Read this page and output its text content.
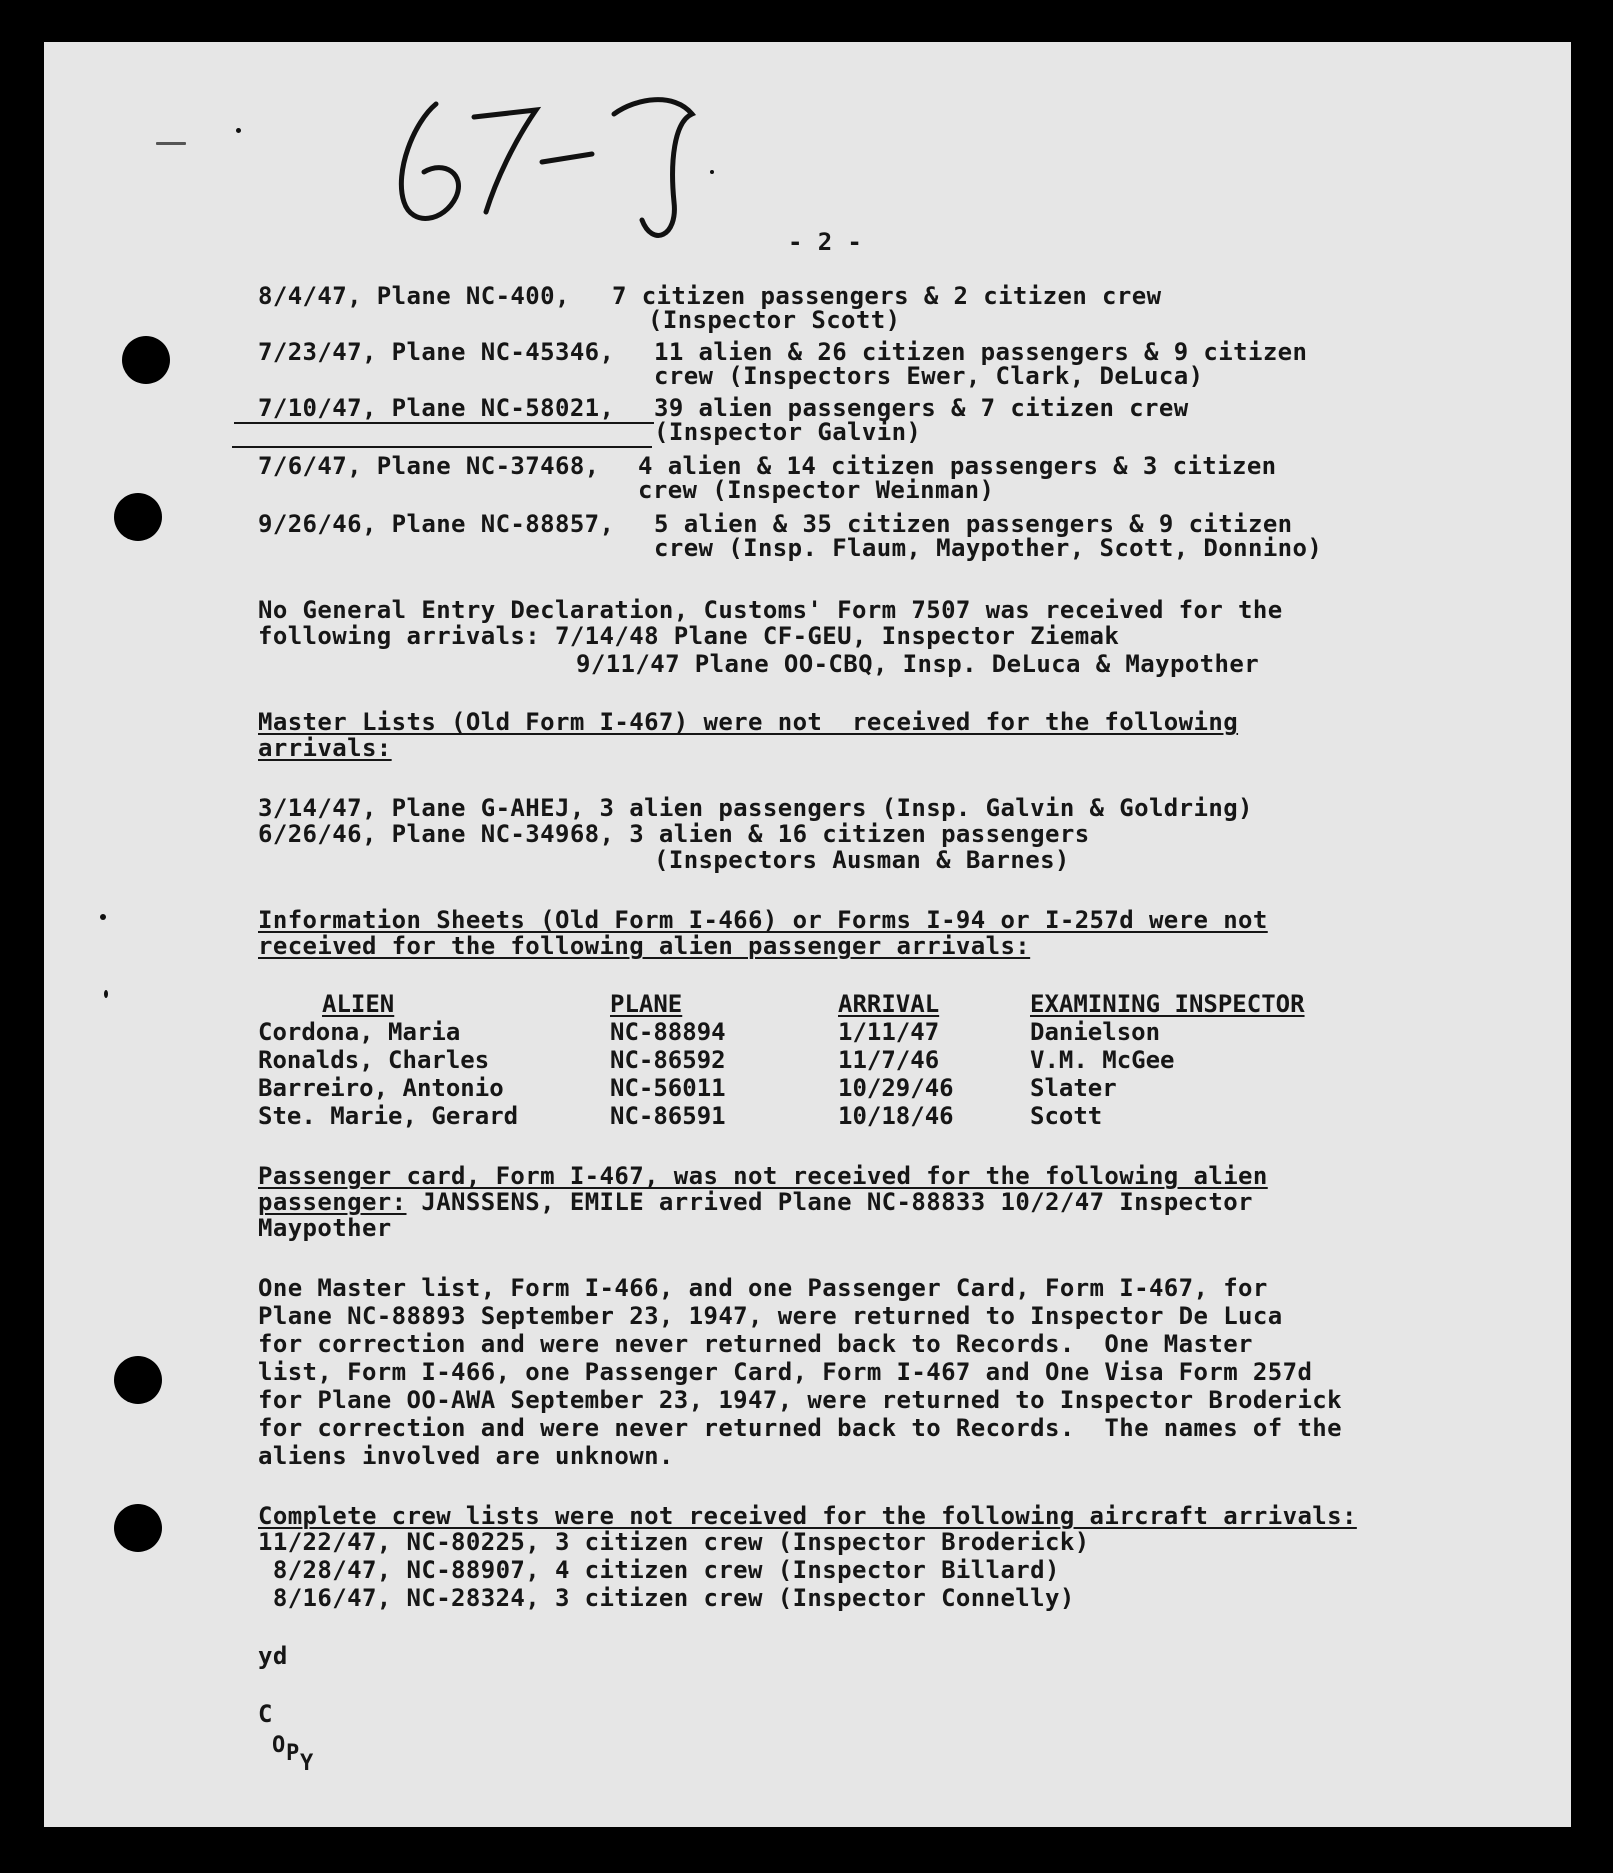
- 2 -
8/4/47, Plane NC-400, 7 citizen passengers & 2 citizen crew
(Inspector Scott)
7/23/47, Plane NC-45346, 11 alien & 26 citizen passengers & 9 citizen
crew (Inspectors Ewer, Clark, DeLuca)
7/10/47, Plane NC-58021, 39 alien passengers & 7 citizen crew
(Inspector Galvin)
7/6/47, Plane NC-37468, 4 alien & 14 citizen passengers & 3 citizen
crew (Inspector Weinman)
9/26/46, Plane NC-88857, 5 alien & 35 citizen passengers & 9 citizen
crew (Insp. Flaum, Maypother, Scott, Donnino)
No General Entry Declaration, Customs' Form 7507 was received for the
following arrivals: 7/14/48 Plane CF-GEU, Inspector Ziemak
9/11/47 Plane OO-CBQ, Insp. DeLuca & Maypother
Master Lists (Old Form I-467) were not  received for the following
arrivals:
3/14/47, Plane G-AHEJ, 3 alien passengers (Insp. Galvin & Goldring)
6/26/46, Plane NC-34968, 3 alien & 16 citizen passengers
(Inspectors Ausman & Barnes)
Information Sheets (Old Form I-466) or Forms I-94 or I-257d were not
received for the following alien passenger arrivals:
ALIEN	PLANE	ARRIVAL	EXAMINING INSPECTOR
Cordona, Maria	NC-88894	1/11/47	Danielson
Ronalds, Charles	NC-86592	11/7/46	V.M. McGee
Barreiro, Antonio	NC-56011	10/29/46	Slater
Ste. Marie, Gerard	NC-86591	10/18/46	Scott
Passenger card, Form I-467, was not received for the following alien
passenger: JANSSENS, EMILE arrived Plane NC-88833 10/2/47 Inspector
Maypother
One Master list, Form I-466, and one Passenger Card, Form I-467, for
Plane NC-88893 September 23, 1947, were returned to Inspector De Luca
for correction and were never returned back to Records.  One Master
list, Form I-466, one Passenger Card, Form I-467 and One Visa Form 257d
for Plane OO-AWA September 23, 1947, were returned to Inspector Broderick
for correction and were never returned back to Records.  The names of the
aliens involved are unknown.
Complete crew lists were not received for the following aircraft arrivals:
11/22/47, NC-80225, 3 citizen crew (Inspector Broderick)
8/28/47, NC-88907, 4 citizen crew (Inspector Billard)
8/16/47, NC-28324, 3 citizen crew (Inspector Connelly)
yd
C
O P Y
